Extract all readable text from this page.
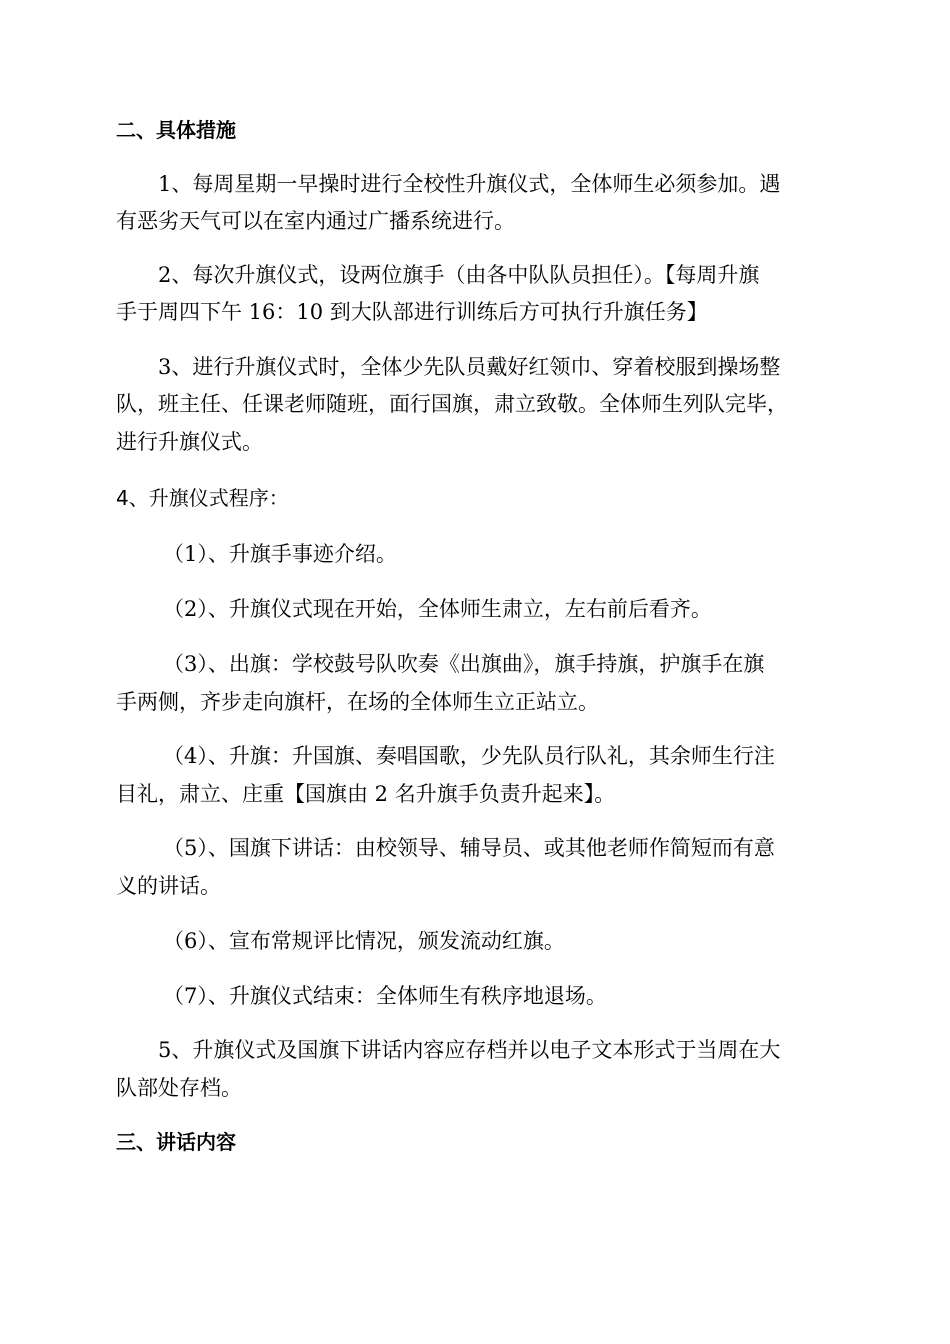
二、具体措施
1、每周星期一早操时进行全校性升旗仪式，全体师生必须参加。遇
有恶劣天气可以在室内通过广播系统进行。
2、每次升旗仪式，设两位旗手（由各中队队员担任）。【每周升旗
手于周四下午 16：10 到大队部进行训练后方可执行升旗任务】
3、进行升旗仪式时，全体少先队员戴好红领巾、穿着校服到操场整
队，班主任、任课老师随班，面行国旗，肃立致敬。全体师生列队完毕，
进行升旗仪式。
4、升旗仪式程序：
（1）、升旗手事迹介绍。
（2）、升旗仪式现在开始，全体师生肃立，左右前后看齐。
（3）、出旗：学校鼓号队吹奏《出旗曲》，旗手持旗，护旗手在旗
手两侧，齐步走向旗杆，在场的全体师生立正站立。
（4）、升旗：升国旗、奏唱国歌，少先队员行队礼，其余师生行注
目礼，肃立、庄重【国旗由 2 名升旗手负责升起来】。
（5）、国旗下讲话：由校领导、辅导员、或其他老师作简短而有意
义的讲话。
（6）、宣布常规评比情况，颁发流动红旗。
（7）、升旗仪式结束：全体师生有秩序地退场。
5、升旗仪式及国旗下讲话内容应存档并以电子文本形式于当周在大
队部处存档。
三、讲话内容
